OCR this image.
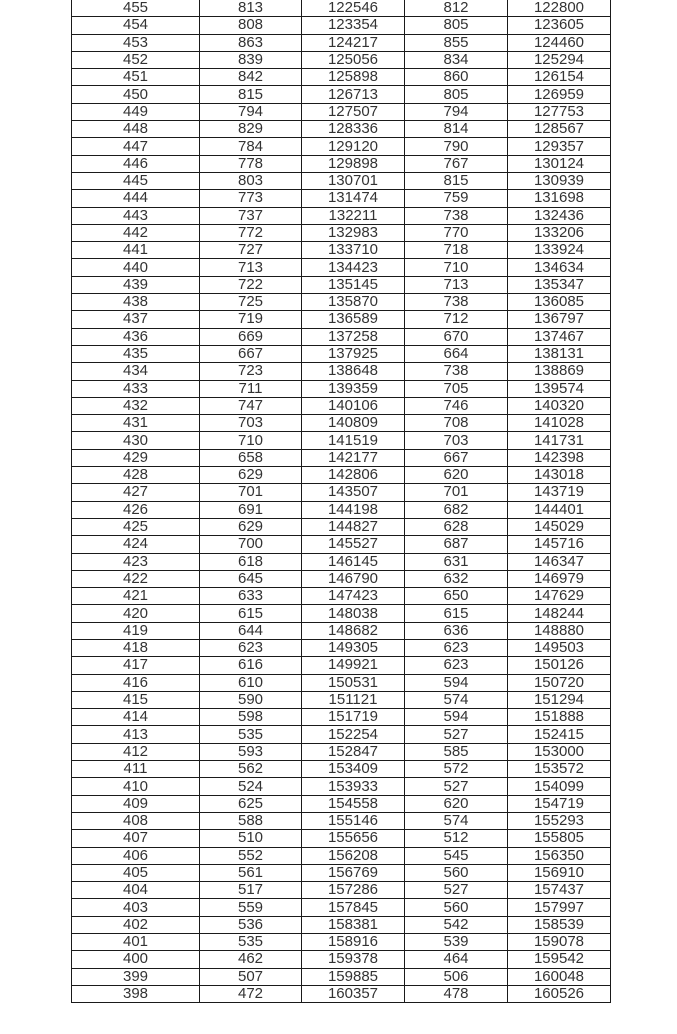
455	813	122546	812	122800
454	808	123354	805	123605
453	863	124217	855	124460
452	839	125056	834	125294
451	842	125898	860	126154
450	815	126713	805	126959
449	794	127507	794	127753
448	829	128336	814	128567
447	784	129120	790	129357
446	778	129898	767	130124
445	803	130701	815	130939
444	773	131474	759	131698
443	737	132211	738	132436
442	772	132983	770	133206
441	727	133710	718	133924
440	713	134423	710	134634
439	722	135145	713	135347
438	725	135870	738	136085
437	719	136589	712	136797
436	669	137258	670	137467
435	667	137925	664	138131
434	723	138648	738	138869
433	711	139359	705	139574
432	747	140106	746	140320
431	703	140809	708	141028
430	710	141519	703	141731
429	658	142177	667	142398
428	629	142806	620	143018
427	701	143507	701	143719
426	691	144198	682	144401
425	629	144827	628	145029
424	700	145527	687	145716
423	618	146145	631	146347
422	645	146790	632	146979
421	633	147423	650	147629
420	615	148038	615	148244
419	644	148682	636	148880
418	623	149305	623	149503
417	616	149921	623	150126
416	610	150531	594	150720
415	590	151121	574	151294
414	598	151719	594	151888
413	535	152254	527	152415
412	593	152847	585	153000
411	562	153409	572	153572
410	524	153933	527	154099
409	625	154558	620	154719
408	588	155146	574	155293
407	510	155656	512	155805
406	552	156208	545	156350
405	561	156769	560	156910
404	517	157286	527	157437
403	559	157845	560	157997
402	536	158381	542	158539
401	535	158916	539	159078
400	462	159378	464	159542
399	507	159885	506	160048
398	472	160357	478	160526
